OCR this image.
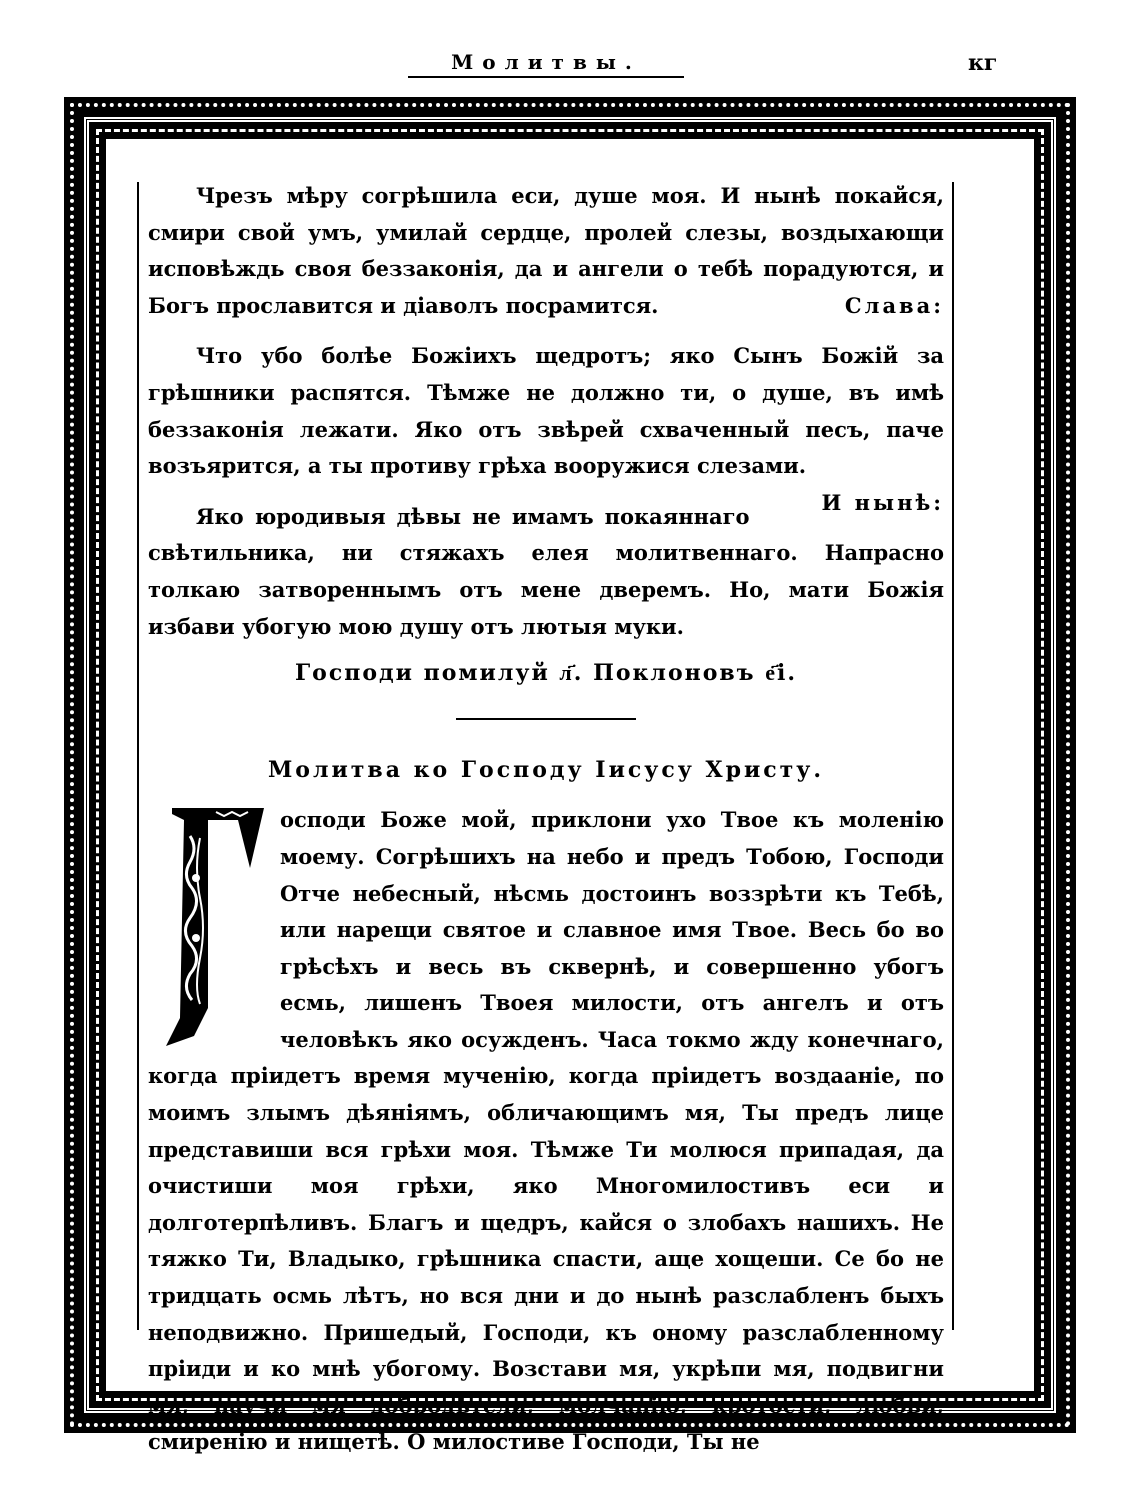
Молитвы.	кг

Чрезъ мѣру согрѣшила еси, душе моя. И нынѣ покайся, смири свой умъ, умилай сердце, пролей слезы, воздыхающи исповѣждь своя беззаконія, да и ангели о тебѣ порадуются, и Богъ прославится и діаволъ посрамится.	Слава:

Что убо болѣе Божіихъ щедротъ; яко Сынъ Божій за грѣшники распятся. Тѣмже не должно ти, о душе, въ имѣ беззаконія лежати. Яко отъ звѣрей схваченный песъ, паче возъярится, а ты противу грѣха вооружися слезами.
И нынѣ:

Яко юродивыя дѣвы не имамъ покаяннаго свѣтильника, ни стяжахъ елея молитвеннаго. Напрасно толкаю затвореннымъ отъ мене дверемъ. Но, мати Божія избави убогую мою душу отъ лютыя муки.

Господи помилуй л҃. Поклоновъ е҃і.

Молитва ко Господу Іисусу Христу.

осподи Боже мой, приклони ухо Твое къ моленію моему. Согрѣшихъ на небо и предъ Тобою, Господи Отче небесный, нѣсмь достоинъ воззрѣти къ Тебѣ, или нарещи святое и славное имя Твое. Весь бо во грѣсѣхъ и весь въ сквернѣ, и совершенно убогъ есмь, лишенъ Твоея милости, отъ ангелъ и отъ человѣкъ яко осужденъ. Часа токмо жду конечнаго, когда пріидетъ время мученію, когда пріидетъ воздааніе, по моимъ злымъ дѣяніямъ, обличающимъ мя, Ты предъ лице представиши вся грѣхи моя. Тѣмже Ти молюся припадая, да очистиши моя грѣхи, яко Многомилостивъ еси и долготерпѣливъ. Благъ и щедръ, кайся о злобахъ нашихъ. Не тяжко Ти, Владыко, грѣшника спасти, аще хощеши. Се бо не тридцать осмь лѣтъ, но вся дни и до нынѣ разслабленъ быхъ неподвижно. Пришедый, Господи, къ оному разслабленному пріиди и ко мнѣ убогому. Возстави мя, укрѣпи мя, подвигни мя, научи мя добродѣтели, молчанію, кротости, любви, смиренію и нищетѣ. О милостиве Господи, Ты не
